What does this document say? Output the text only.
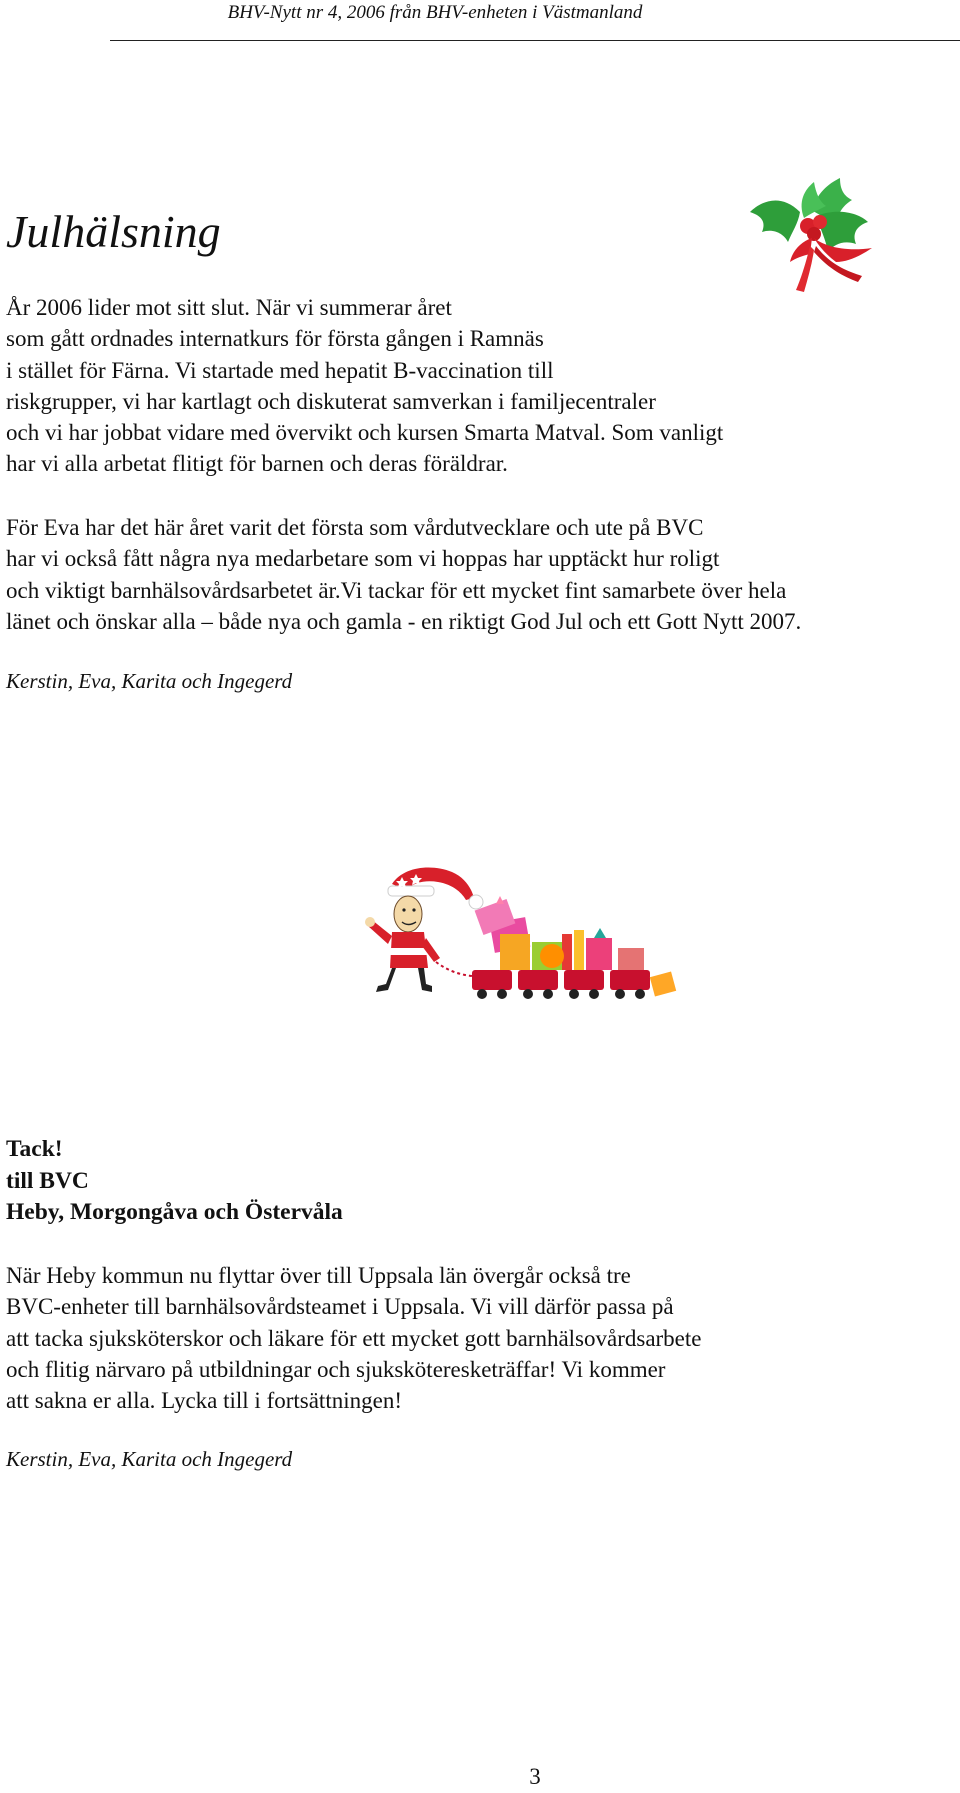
BHV-Nytt nr 4, 2006 från BHV-enheten i Västmanland
Julhälsning

År 2006 lider mot sitt slut. När vi summerar året
som gått ordnades internatkurs för första gången i Ramnäs
i stället för Färna. Vi startade med hepatit B-vaccination till
riskgrupper, vi har kartlagt och diskuterat samverkan i familjecentraler
och vi har jobbat vidare med övervikt och kursen Smarta Matval. Som vanligt
har vi alla arbetat flitigt för barnen och deras föräldrar.

För Eva har det här året varit det första som vårdutvecklare och ute på BVC
har vi också fått några nya medarbetare som vi hoppas har upptäckt hur roligt
och viktigt barnhälsovårdsarbetet är.Vi tackar för ett mycket fint samarbete över hela
länet och önskar alla – både nya och gamla - en riktigt God Jul och ett Gott Nytt 2007.

Kerstin, Eva, Karita och Ingegerd
Tack!
till BVC
Heby, Morgongåva och Östervåla

När Heby kommun nu flyttar över till Uppsala län övergår också tre
BVC-enheter till barnhälsovårdsteamet i Uppsala. Vi vill därför passa på
att tacka sjuksköterskor och läkare för ett mycket gott barnhälsovårdsarbete
och flitig närvaro på utbildningar och sjuksköteresketräffar! Vi kommer
att sakna er alla. Lycka till i fortsättningen!

Kerstin, Eva, Karita och Ingegerd
3
